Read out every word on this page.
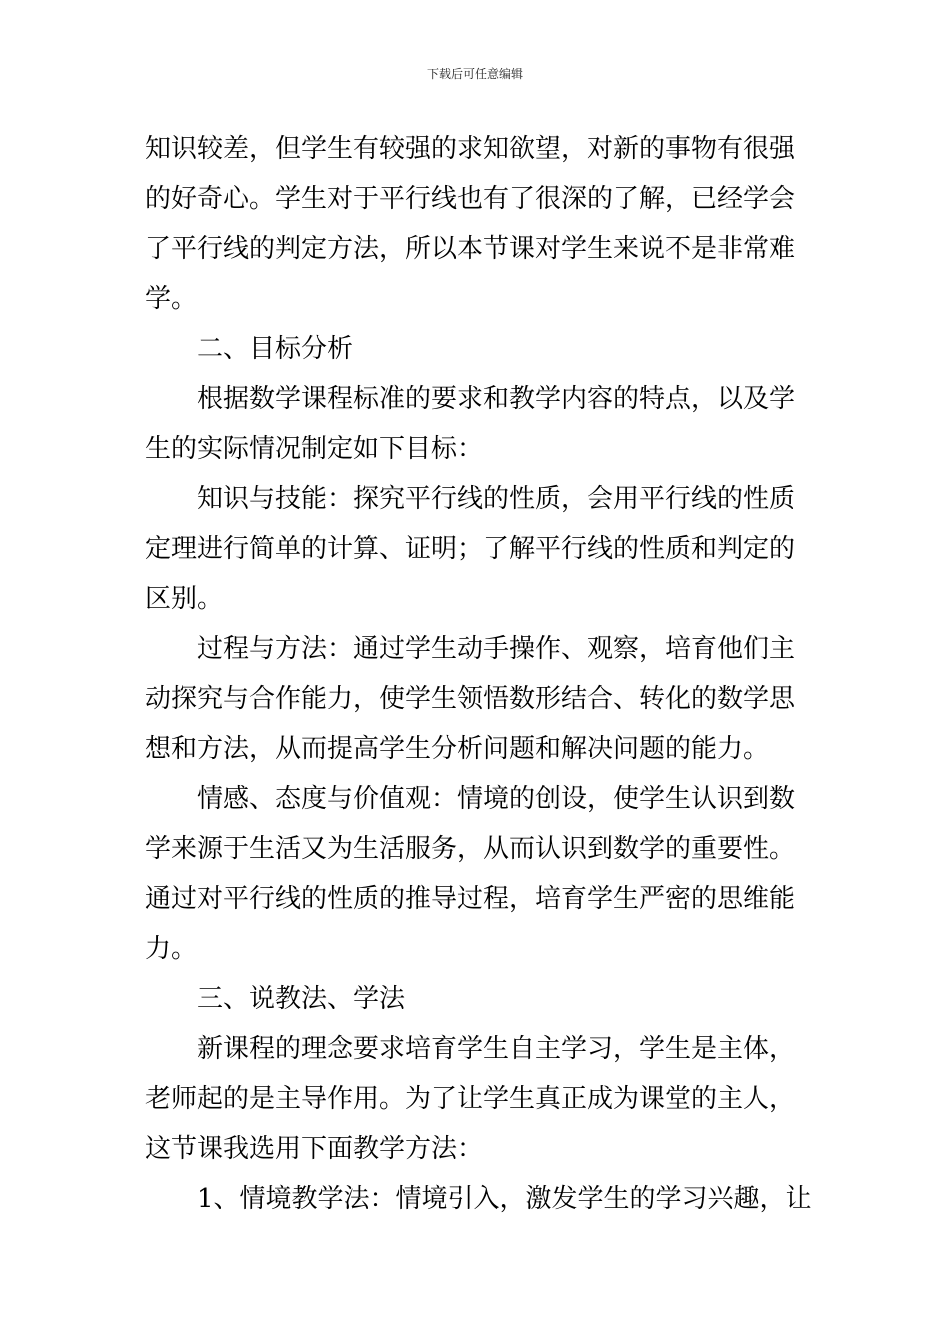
下载后可任意编辑

知识较差，但学生有较强的求知欲望，对新的事物有很强
的好奇心。学生对于平行线也有了很深的了解，已经学会
了平行线的判定方法，所以本节课对学生来说不是非常难
学。

二、目标分析

根据数学课程标准的要求和教学内容的特点，以及学
生的实际情况制定如下目标：

知识与技能：探究平行线的性质，会用平行线的性质
定理进行简单的计算、证明；了解平行线的性质和判定的
区别。

过程与方法：通过学生动手操作、观察，培育他们主
动探究与合作能力，使学生领悟数形结合、转化的数学思
想和方法，从而提高学生分析问题和解决问题的能力。

情感、态度与价值观：情境的创设，使学生认识到数
学来源于生活又为生活服务，从而认识到数学的重要性。
通过对平行线的性质的推导过程，培育学生严密的思维能
力。

三、说教法、学法

新课程的理念要求培育学生自主学习，学生是主体，
老师起的是主导作用。为了让学生真正成为课堂的主人，
这节课我选用下面教学方法：

1、情境教学法：情境引入，激发学生的学习兴趣，让
